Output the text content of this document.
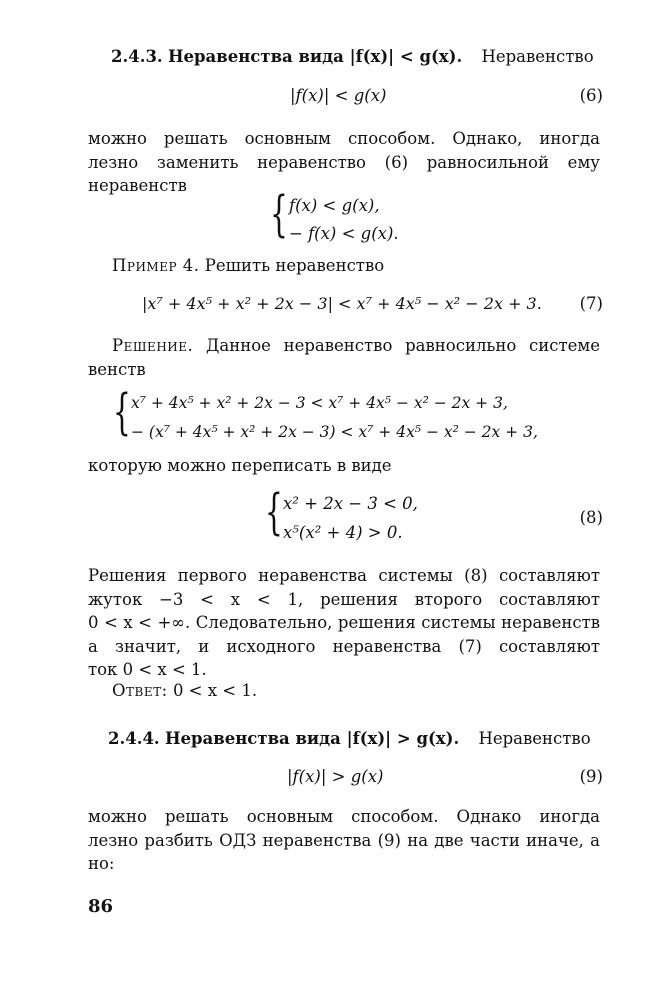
2.4.3. Неравенства вида |f(x)| < g(x). Неравенство
|f(x)| < g(x)	(6)
можно решать основным способом. Однако, иногда
лезно заменить неравенство (6) равносильной ему
неравенств	{ f(x) < g(x),
− f(x) < g(x).
Пример 4. Решить неравенство
|x⁷ + 4x⁵ + x² + 2x − 3| < x⁷ + 4x⁵ − x² − 2x + 3. (7)
Решение. Данное неравенство равносильно системе
венств
{ x⁷ + 4x⁵ + x² + 2x − 3 < x⁷ + 4x⁵ − x² − 2x + 3,
− (x⁷ + 4x⁵ + x² + 2x − 3) < x⁷ + 4x⁵ − x² − 2x + 3,
которую можно переписать в виде
{ x² + 2x − 3 < 0,
x⁵(x² + 4) > 0.
(8)
Решения первого неравенства системы (8) составляют
жуток −3 < x < 1, решения второго составляют
0 < x < +∞. Следовательно, решения системы неравенств
а значит, и исходного неравенства (7) составляют
ток 0 < x < 1.
Ответ: 0 < x < 1.
2.4.4. Неравенства вида |f(x)| > g(x). Неравенство
|f(x)| > g(x)	(9)
можно решать основным способом. Однако иногда
лезно разбить ОДЗ неравенства (9) на две части иначе, а
но:
86
